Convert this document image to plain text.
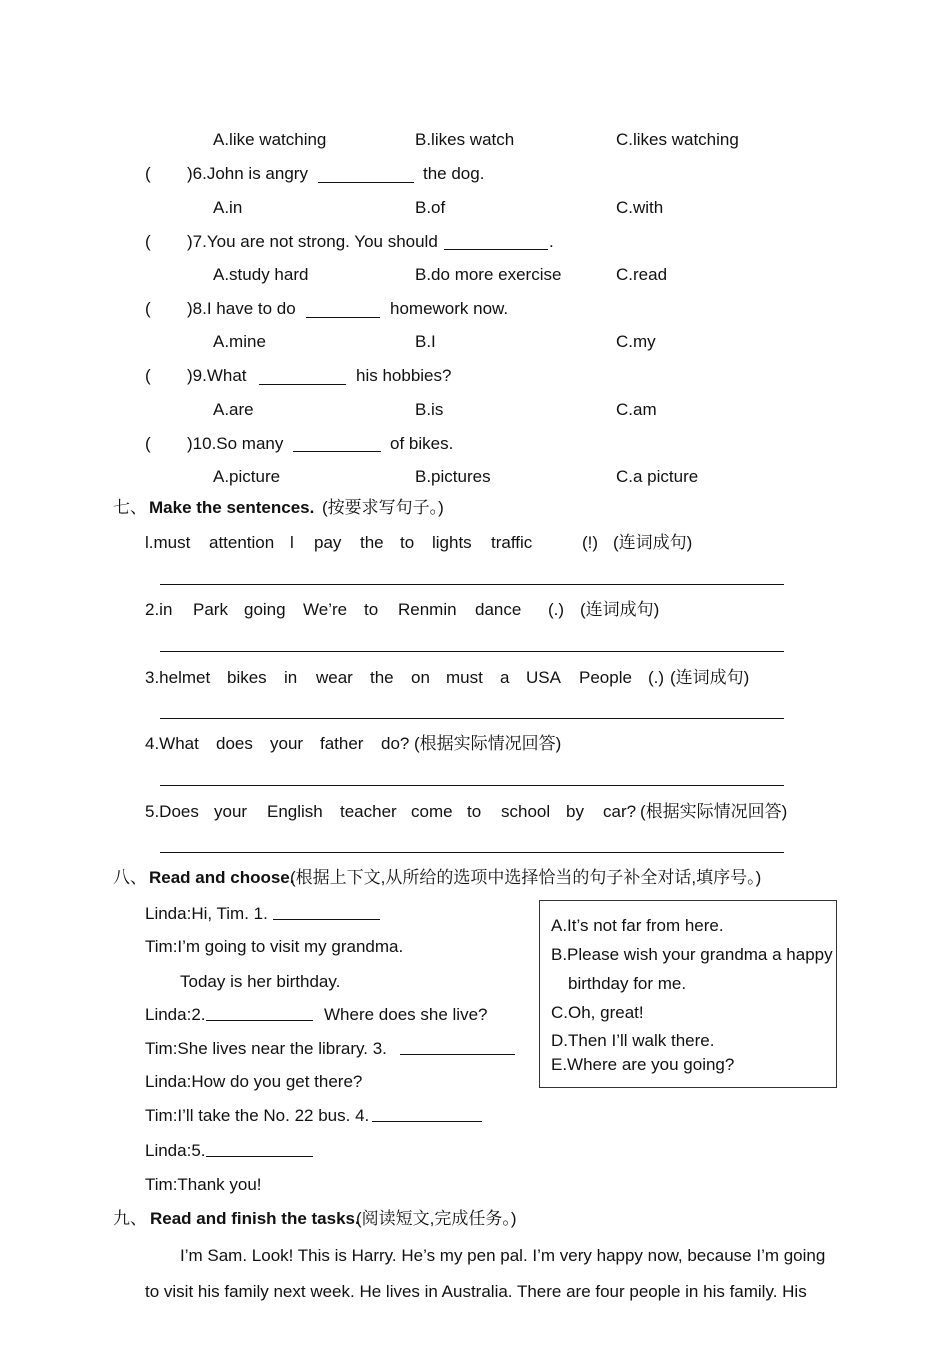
A.like watching	B.likes watch	C.likes watching
( )6.John is angry	the dog.
A.in	B.of	C.with
( )7.You are not strong. You should	.
A.study hard	B.do more exercise	C.read
( )8.I have to do	homework now.
A.mine	B.I	C.my
( )9.What	his hobbies?
A.are	B.is	C.am
( )10.So many	of bikes.
A.picture	B.pictures	C.a picture
七、 Make the sentences. (按要求写句子。)
l.must attention l pay the to lights traffic	(!) (连词成句)
2.in Park going We’re to Renmin dance (.) (连词成句)
3.helmet bikes in wear the on must a USA People (.) (连词成句)
4.What does your father do? (根据实际情况回答)
5.Does your English teacher come to school by car? (根据实际情况回答)
八、 Read and choose.
(根据上下文,从所给的选项中选择恰当的句子补全对话,填序号。)
Linda:Hi, Tim. 1.
Tim:I’m going to visit my grandma.
Today is her birthday.
Linda:2.	Where does she live?
Tim:She lives near the library. 3.
Linda:How do you get there?
Tim:I’ll take the No. 22 bus. 4.
Linda:5.
Tim:Thank you!
A.It’s not far from here.
B.Please wish your grandma a happy
birthday for me.
C.Oh, great!
D.Then I’ll walk there.
E.Where are you going?
九、 Read and finish the tasks.
(阅读短文,完成任务。)
I’m Sam. Look! This is Harry. He’s my pen pal. I’m very happy now, because I’m going
to visit his family next week. He lives in Australia. There are four people in his family. His
